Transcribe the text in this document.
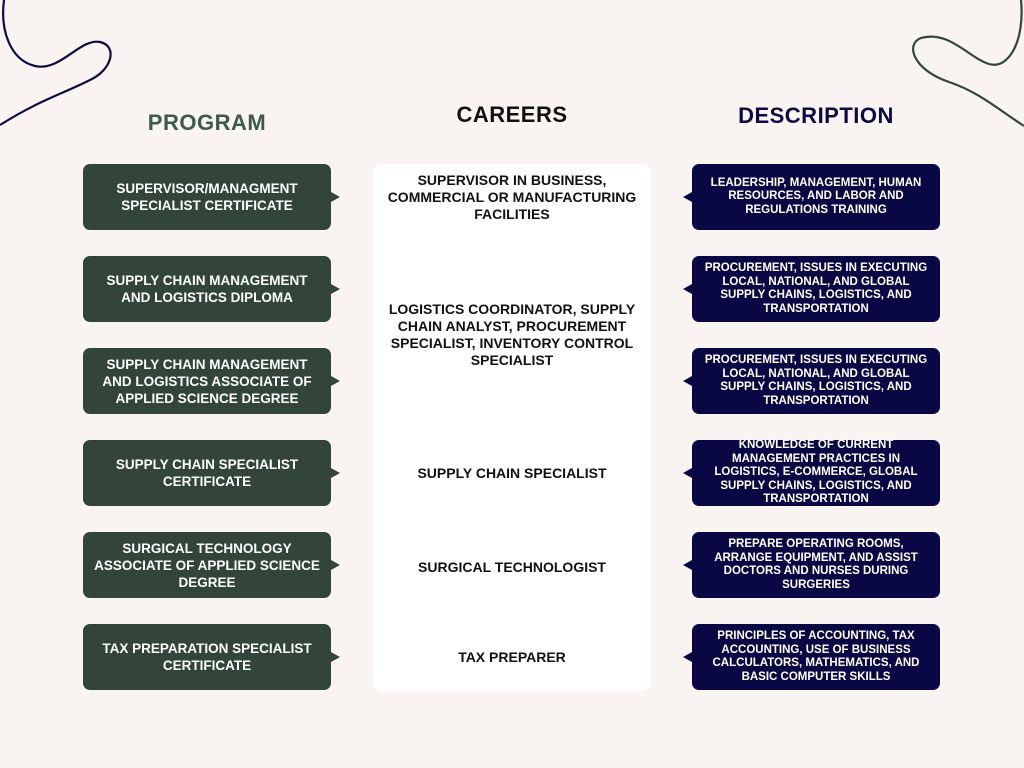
PROGRAM	CAREERS	DESCRIPTION
SUPERVISOR/MANAGMENT SPECIALIST CERTIFICATE
SUPPLY CHAIN MANAGEMENT AND LOGISTICS DIPLOMA
SUPPLY CHAIN MANAGEMENT AND LOGISTICS ASSOCIATE OF APPLIED SCIENCE DEGREE
SUPPLY CHAIN SPECIALIST CERTIFICATE
SURGICAL TECHNOLOGY ASSOCIATE OF APPLIED SCIENCE DEGREE
TAX PREPARATION SPECIALIST CERTIFICATE
SUPERVISOR IN BUSINESS, COMMERCIAL OR MANUFACTURING FACILITIES
LOGISTICS COORDINATOR, SUPPLY CHAIN ANALYST, PROCUREMENT SPECIALIST, INVENTORY CONTROL SPECIALIST
SUPPLY CHAIN SPECIALIST
SURGICAL TECHNOLOGIST
TAX PREPARER
LEADERSHIP, MANAGEMENT, HUMAN RESOURCES, AND LABOR AND REGULATIONS TRAINING
PROCUREMENT, ISSUES IN EXECUTING LOCAL, NATIONAL, AND GLOBAL SUPPLY CHAINS, LOGISTICS, AND TRANSPORTATION
PROCUREMENT, ISSUES IN EXECUTING LOCAL, NATIONAL, AND GLOBAL SUPPLY CHAINS, LOGISTICS, AND TRANSPORTATION
KNOWLEDGE OF CURRENT MANAGEMENT PRACTICES IN LOGISTICS, E-COMMERCE, GLOBAL SUPPLY CHAINS, LOGISTICS, AND TRANSPORTATION
PREPARE OPERATING ROOMS, ARRANGE EQUIPMENT, AND ASSIST DOCTORS AND NURSES DURING SURGERIES
PRINCIPLES OF ACCOUNTING, TAX ACCOUNTING, USE OF BUSINESS CALCULATORS, MATHEMATICS, AND BASIC COMPUTER SKILLS
